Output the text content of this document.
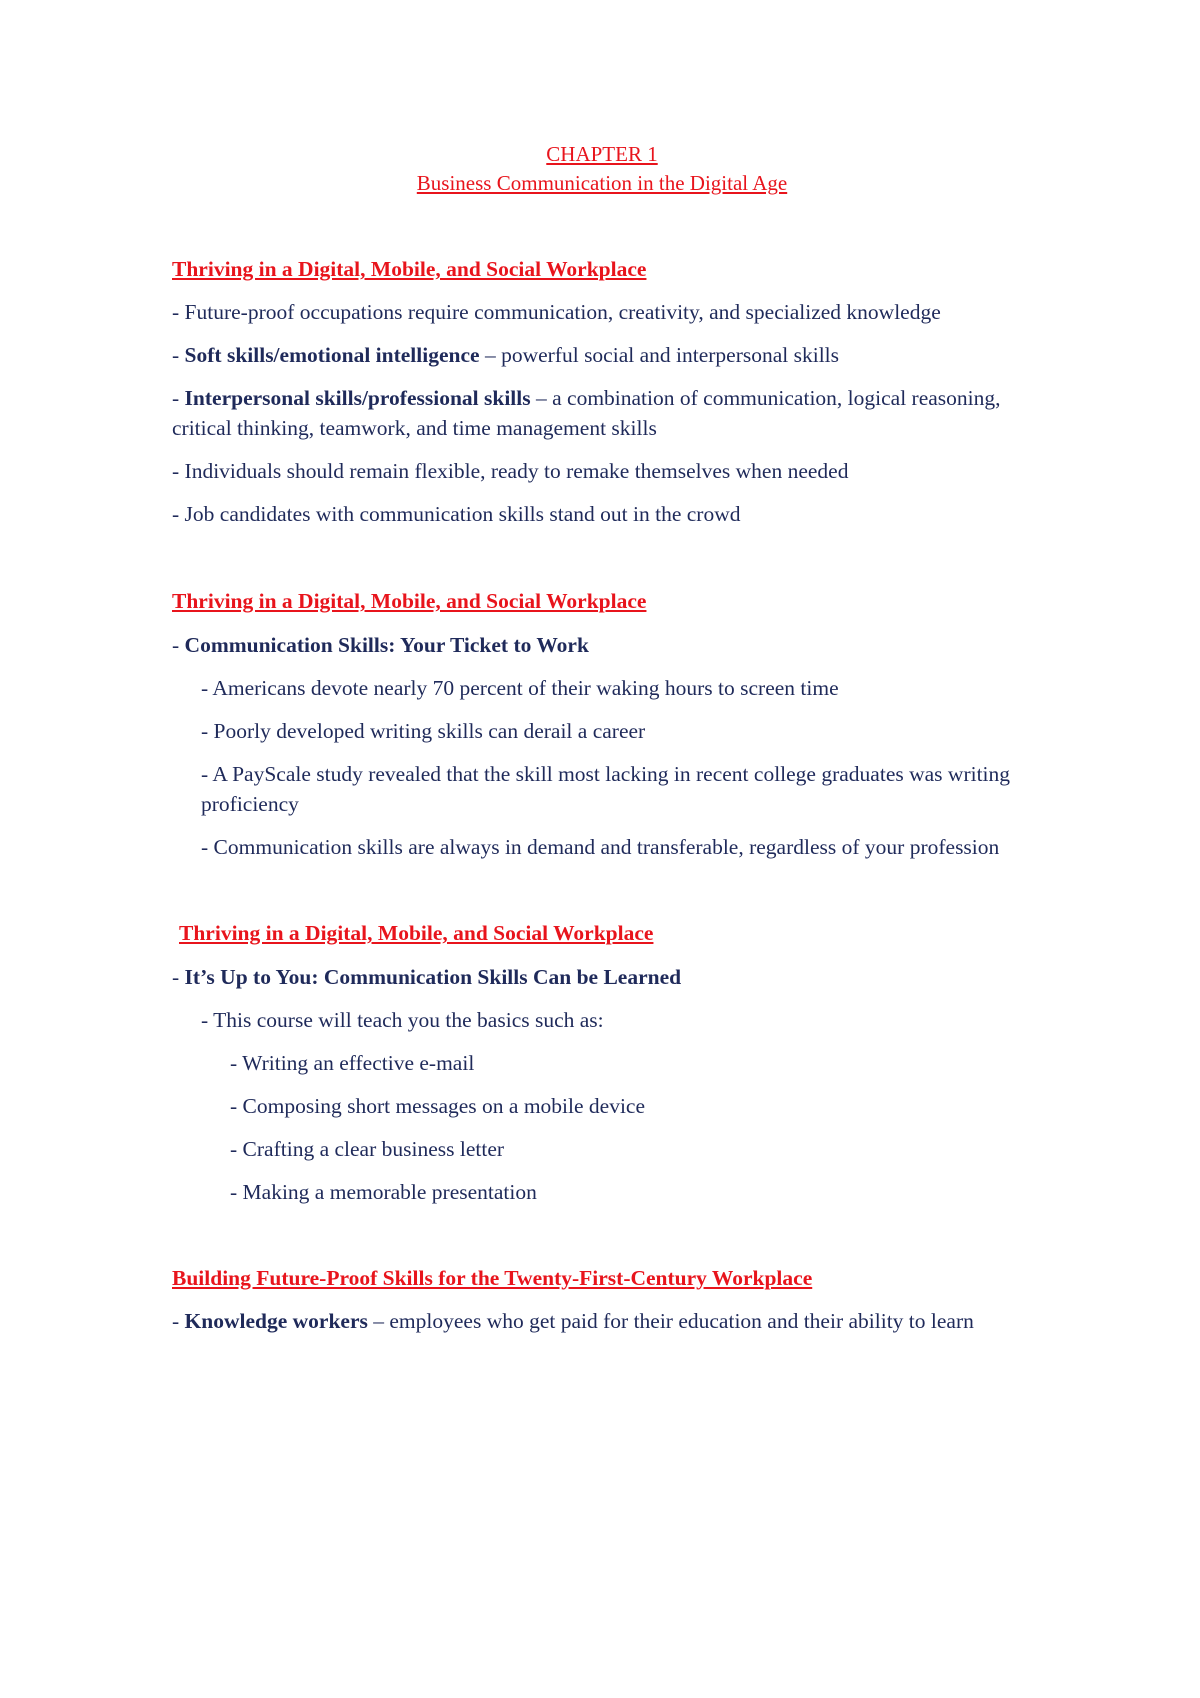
CHAPTER 1
Business Communication in the Digital Age

Thriving in a Digital, Mobile, and Social Workplace

- Future-proof occupations require communication, creativity, and specialized knowledge

- Soft skills/emotional intelligence – powerful social and interpersonal skills

- Interpersonal skills/professional skills – a combination of communication, logical reasoning, critical thinking, teamwork, and time management skills

- Individuals should remain flexible, ready to remake themselves when needed

- Job candidates with communication skills stand out in the crowd

Thriving in a Digital, Mobile, and Social Workplace

- Communication Skills: Your Ticket to Work

- Americans devote nearly 70 percent of their waking hours to screen time

- Poorly developed writing skills can derail a career

- A PayScale study revealed that the skill most lacking in recent college graduates was writing proficiency

- Communication skills are always in demand and transferable, regardless of your profession

Thriving in a Digital, Mobile, and Social Workplace

- It’s Up to You: Communication Skills Can be Learned

- This course will teach you the basics such as:

- Writing an effective e-mail

- Composing short messages on a mobile device

- Crafting a clear business letter

- Making a memorable presentation

Building Future-Proof Skills for the Twenty-First-Century Workplace

- Knowledge workers – employees who get paid for their education and their ability to learn
